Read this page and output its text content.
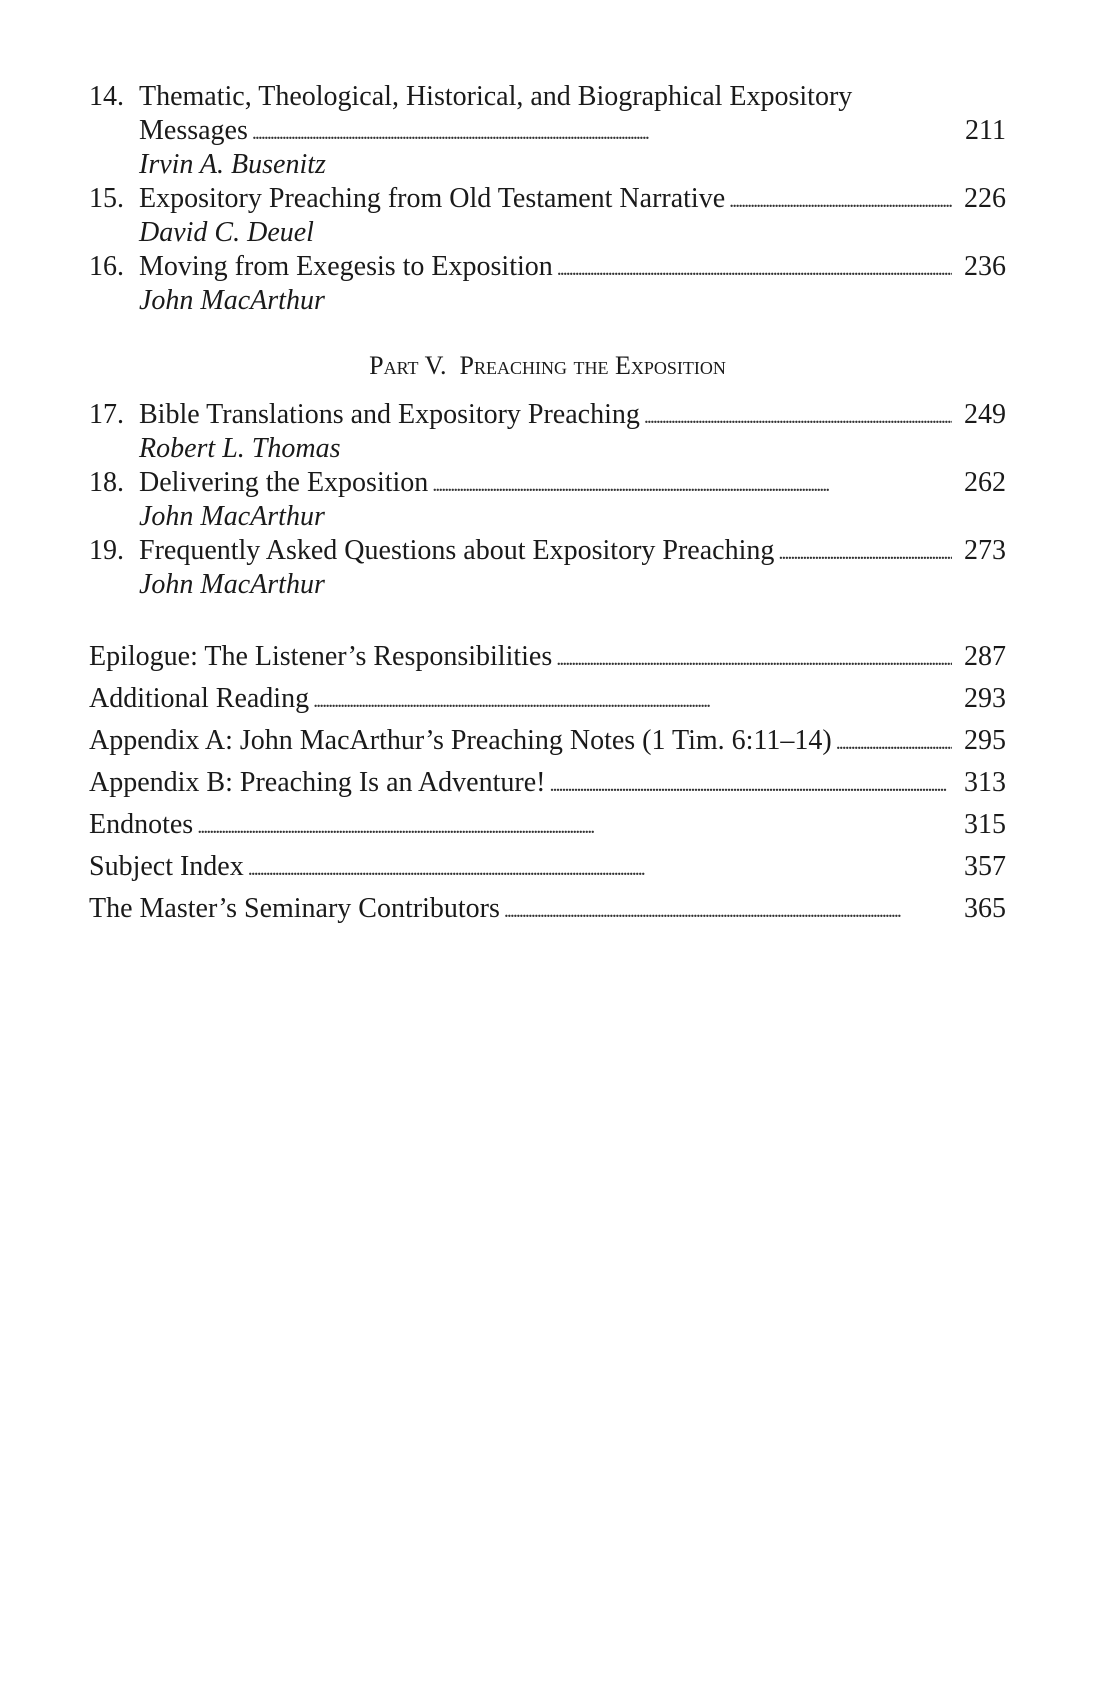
14. Thematic, Theological, Historical, and Biographical Expository
Messages . . .	211
Irvin A. Busenitz
15. Expository Preaching from Old Testament Narrative . . .	226
David C. Deuel
16. Moving from Exegesis to Exposition . . .	236
John MacArthur
Part V. Preaching the Exposition
17. Bible Translations and Expository Preaching . . .	249
Robert L. Thomas
18. Delivering the Exposition . . .	262
John MacArthur
19. Frequently Asked Questions about Expository Preaching . . .	273
John MacArthur
Epilogue: The Listener’s Responsibilities . . .	287
Additional Reading . . .	293
Appendix A: John MacArthur’s Preaching Notes (1 Tim. 6:11–14) . . .	295
Appendix B: Preaching Is an Adventure! . . .	313
Endnotes . . .	315
Subject Index . . .	357
The Master’s Seminary Contributors . . .	365
